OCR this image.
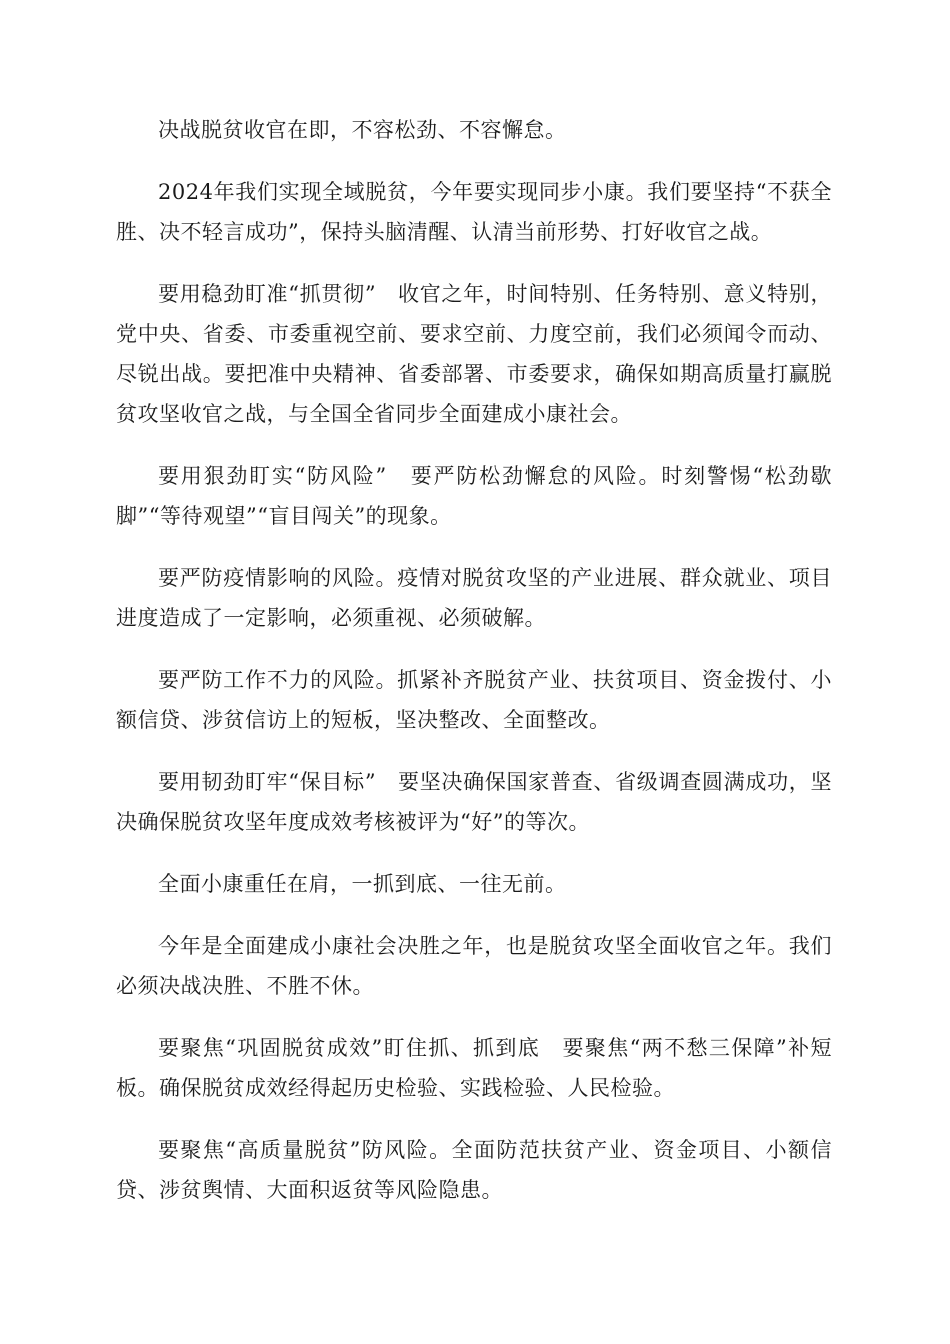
决战脱贫收官在即，不容松劲、不容懈怠。

2024年我们实现全域脱贫，今年要实现同步小康。我们要坚持“不获全胜、决不轻言成功”，保持头脑清醒、认清当前形势、打好收官之战。

要用稳劲盯准“抓贯彻”　收官之年，时间特别、任务特别、意义特别，党中央、省委、市委重视空前、要求空前、力度空前，我们必须闻令而动、尽锐出战。要把准中央精神、省委部署、市委要求，确保如期高质量打赢脱贫攻坚收官之战，与全国全省同步全面建成小康社会。

要用狠劲盯实“防风险”　要严防松劲懈怠的风险。时刻警惕“松劲歇脚”“等待观望”“盲目闯关”的现象。

要严防疫情影响的风险。疫情对脱贫攻坚的产业进展、群众就业、项目进度造成了一定影响，必须重视、必须破解。

要严防工作不力的风险。抓紧补齐脱贫产业、扶贫项目、资金拨付、小额信贷、涉贫信访上的短板，坚决整改、全面整改。

要用韧劲盯牢“保目标”　要坚决确保国家普查、省级调查圆满成功，坚决确保脱贫攻坚年度成效考核被评为“好”的等次。

全面小康重任在肩，一抓到底、一往无前。

今年是全面建成小康社会决胜之年，也是脱贫攻坚全面收官之年。我们必须决战决胜、不胜不休。

要聚焦“巩固脱贫成效”盯住抓、抓到底　要聚焦“两不愁三保障”补短板。确保脱贫成效经得起历史检验、实践检验、人民检验。

要聚焦“高质量脱贫”防风险。全面防范扶贫产业、资金项目、小额信贷、涉贫舆情、大面积返贫等风险隐患。
